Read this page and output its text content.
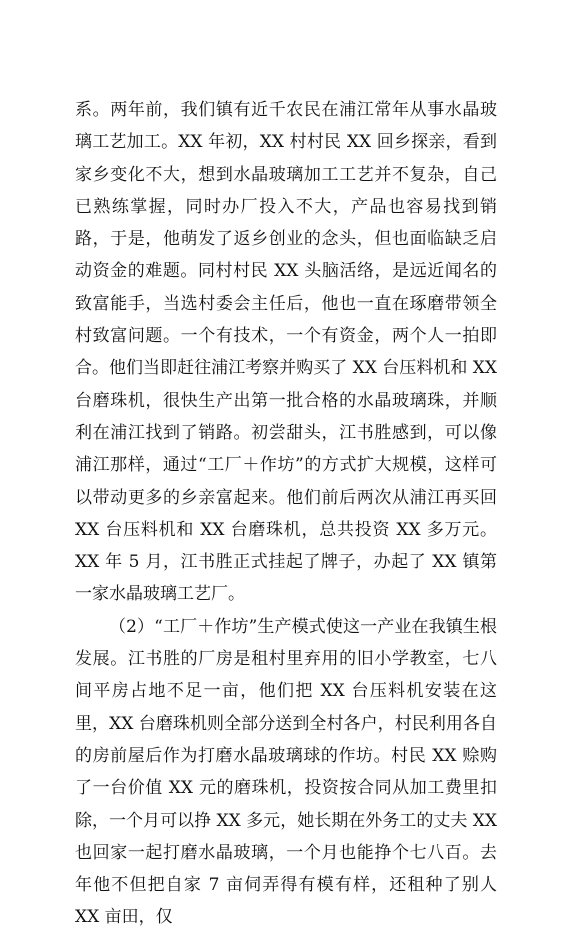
系。两年前，我们镇有近千农民在浦江常年从事水晶玻璃工艺加工。XX 年初，XX 村村民 XX 回乡探亲，看到家乡变化不大，想到水晶玻璃加工工艺并不复杂，自己已熟练掌握，同时办厂投入不大，产品也容易找到销路，于是，他萌发了返乡创业的念头，但也面临缺乏启动资金的难题。同村村民 XX 头脑活络，是远近闻名的致富能手，当选村委会主任后，他也一直在琢磨带领全村致富问题。一个有技术，一个有资金，两个人一拍即合。他们当即赶往浦江考察并购买了 XX 台压料机和 XX 台磨珠机，很快生产出第一批合格的水晶玻璃珠，并顺利在浦江找到了销路。初尝甜头，江书胜感到，可以像浦江那样，通过“工厂＋作坊”的方式扩大规模，这样可以带动更多的乡亲富起来。他们前后两次从浦江再买回 XX 台压料机和 XX 台磨珠机，总共投资 XX 多万元。XX 年 5 月，江书胜正式挂起了牌子，办起了 XX 镇第一家水晶玻璃工艺厂。

（2）“工厂＋作坊”生产模式使这一产业在我镇生根发展。江书胜的厂房是租村里弃用的旧小学教室，七八间平房占地不足一亩，他们把 XX 台压料机安装在这里，XX 台磨珠机则全部分送到全村各户，村民利用各自的房前屋后作为打磨水晶玻璃球的作坊。村民 XX 赊购了一台价值 XX 元的磨珠机，投资按合同从加工费里扣除，一个月可以挣 XX 多元，她长期在外务工的丈夫 XX 也回家一起打磨水晶玻璃，一个月也能挣个七八百。去年他不但把自家 7 亩伺弄得有模有样，还租种了别人 XX 亩田，仅
